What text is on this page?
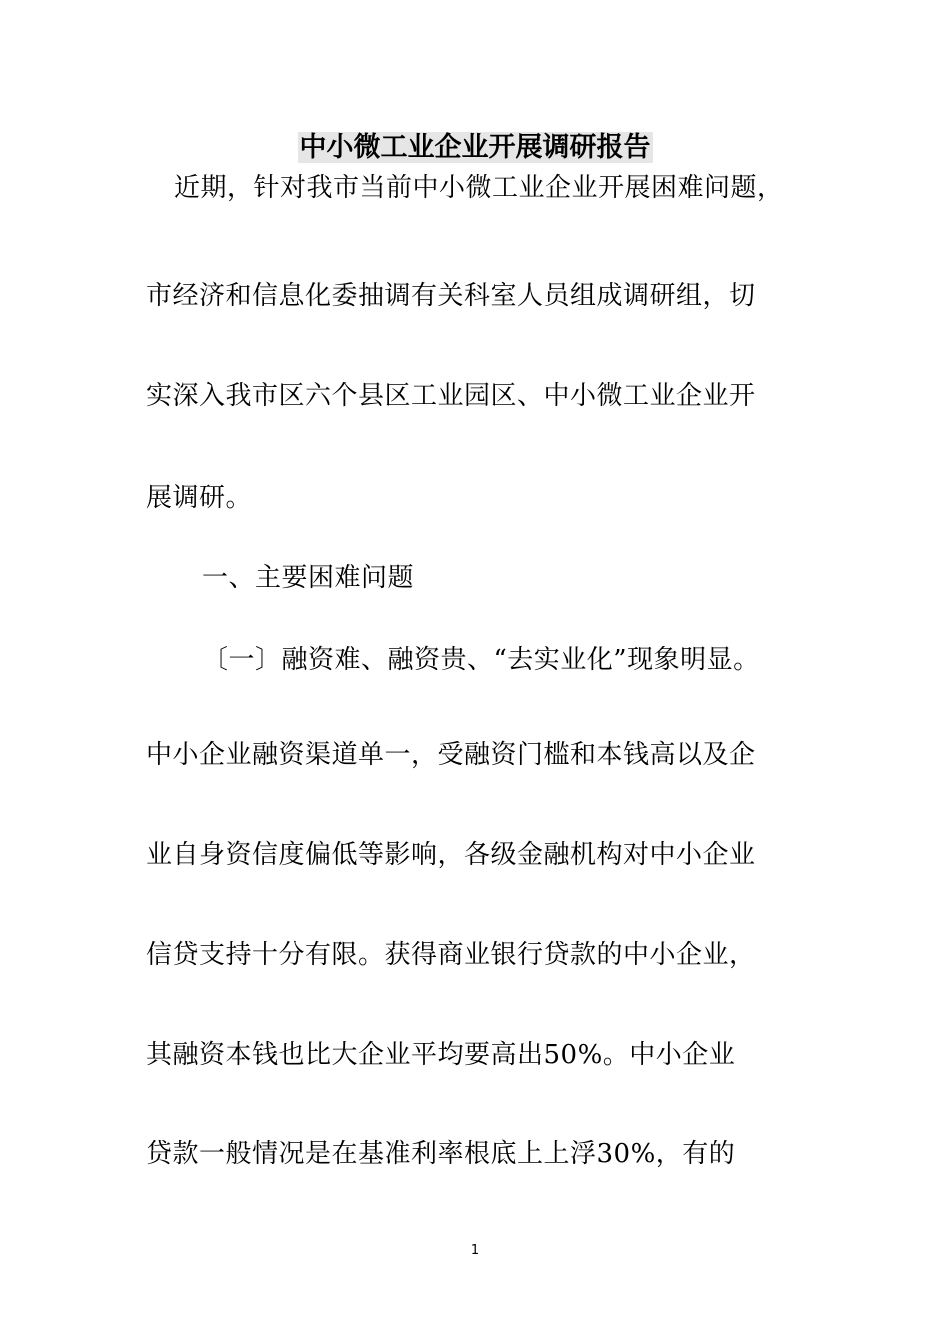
中小微工业企业开展调研报告
近期，针对我市当前中小微工业企业开展困难问题，
市经济和信息化委抽调有关科室人员组成调研组，切
实深入我市区六个县区工业园区、中小微工业企业开
展调研。
一、主要困难问题
〔一〕融资难、融资贵、“去实业化”现象明显。
中小企业融资渠道单一，受融资门槛和本钱高以及企
业自身资信度偏低等影响，各级金融机构对中小企业
信贷支持十分有限。获得商业银行贷款的中小企业，
其融资本钱也比大企业平均要高出50%。中小企业
贷款一般情况是在基准利率根底上上浮30%，有的
1
